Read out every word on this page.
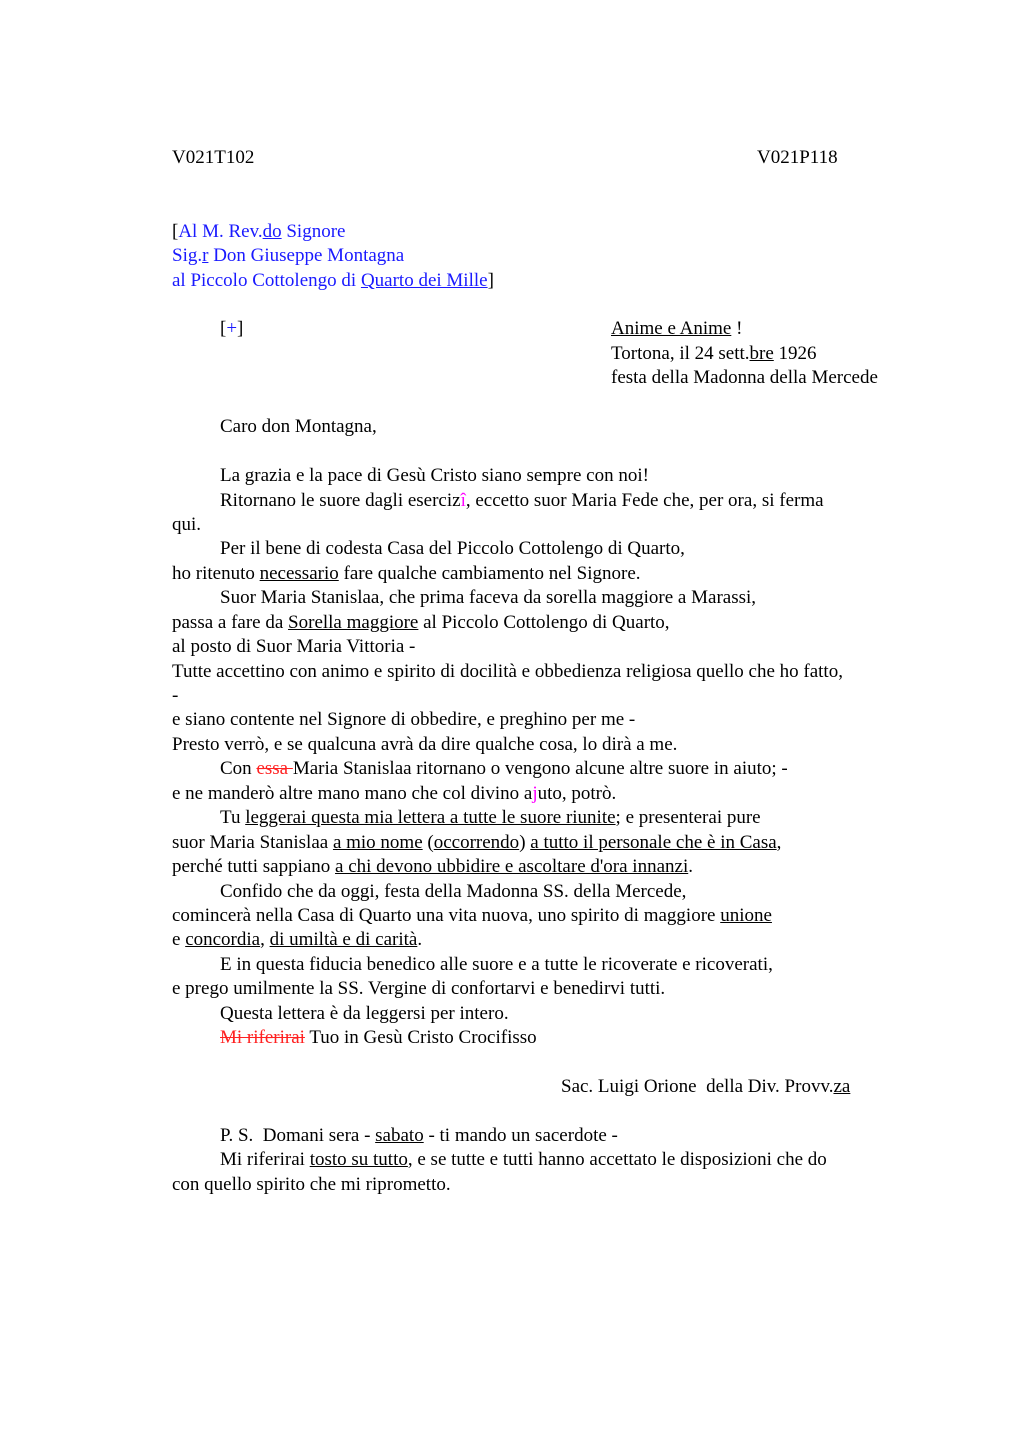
V021T102	V021P118
[Al M. Rev.do Signore
Sig.r Don Giuseppe Montagna
al Piccolo Cottolengo di Quarto dei Mille]
[+]	Anime e Anime !
Tortona, il 24 sett.bre 1926
festa della Madonna della Mercede
Caro don Montagna,
La grazia e la pace di Gesù Cristo siano sempre con noi!
Ritornano le suore dagli esercizî, eccetto suor Maria Fede che, per ora, si ferma
qui.
Per il bene di codesta Casa del Piccolo Cottolengo di Quarto,
ho ritenuto necessario fare qualche cambiamento nel Signore.
Suor Maria Stanislaa, che prima faceva da sorella maggiore a Marassi,
passa a fare da Sorella maggiore al Piccolo Cottolengo di Quarto,
al posto di Suor Maria Vittoria -
Tutte accettino con animo e spirito di docilità e obbedienza religiosa quello che ho fatto,
-
e siano contente nel Signore di obbedire, e preghino per me -
Presto verrò, e se qualcuna avrà da dire qualche cosa, lo dirà a me.
Con essa Maria Stanislaa ritornano o vengono alcune altre suore in aiuto; -
e ne manderò altre mano mano che col divino ajuto, potrò.
Tu leggerai questa mia lettera a tutte le suore riunite; e presenterai pure
suor Maria Stanislaa a mio nome (occorrendo) a tutto il personale che è in Casa,
perché tutti sappiano a chi devono ubbidire e ascoltare d'ora innanzi.
Confido che da oggi, festa della Madonna SS. della Mercede,
comincerà nella Casa di Quarto una vita nuova, uno spirito di maggiore unione
e concordia, di umiltà e di carità.
E in questa fiducia benedico alle suore e a tutte le ricoverate e ricoverati,
e prego umilmente la SS. Vergine di confortarvi e benedirvi tutti.
Questa lettera è da leggersi per intero.
Mi riferirai Tuo in Gesù Cristo Crocifisso
Sac. Luigi Orione  della Div. Provv.za
P. S.  Domani sera - sabato - ti mando un sacerdote -
Mi riferirai tosto su tutto, e se tutte e tutti hanno accettato le disposizioni che do
con quello spirito che mi riprometto.
